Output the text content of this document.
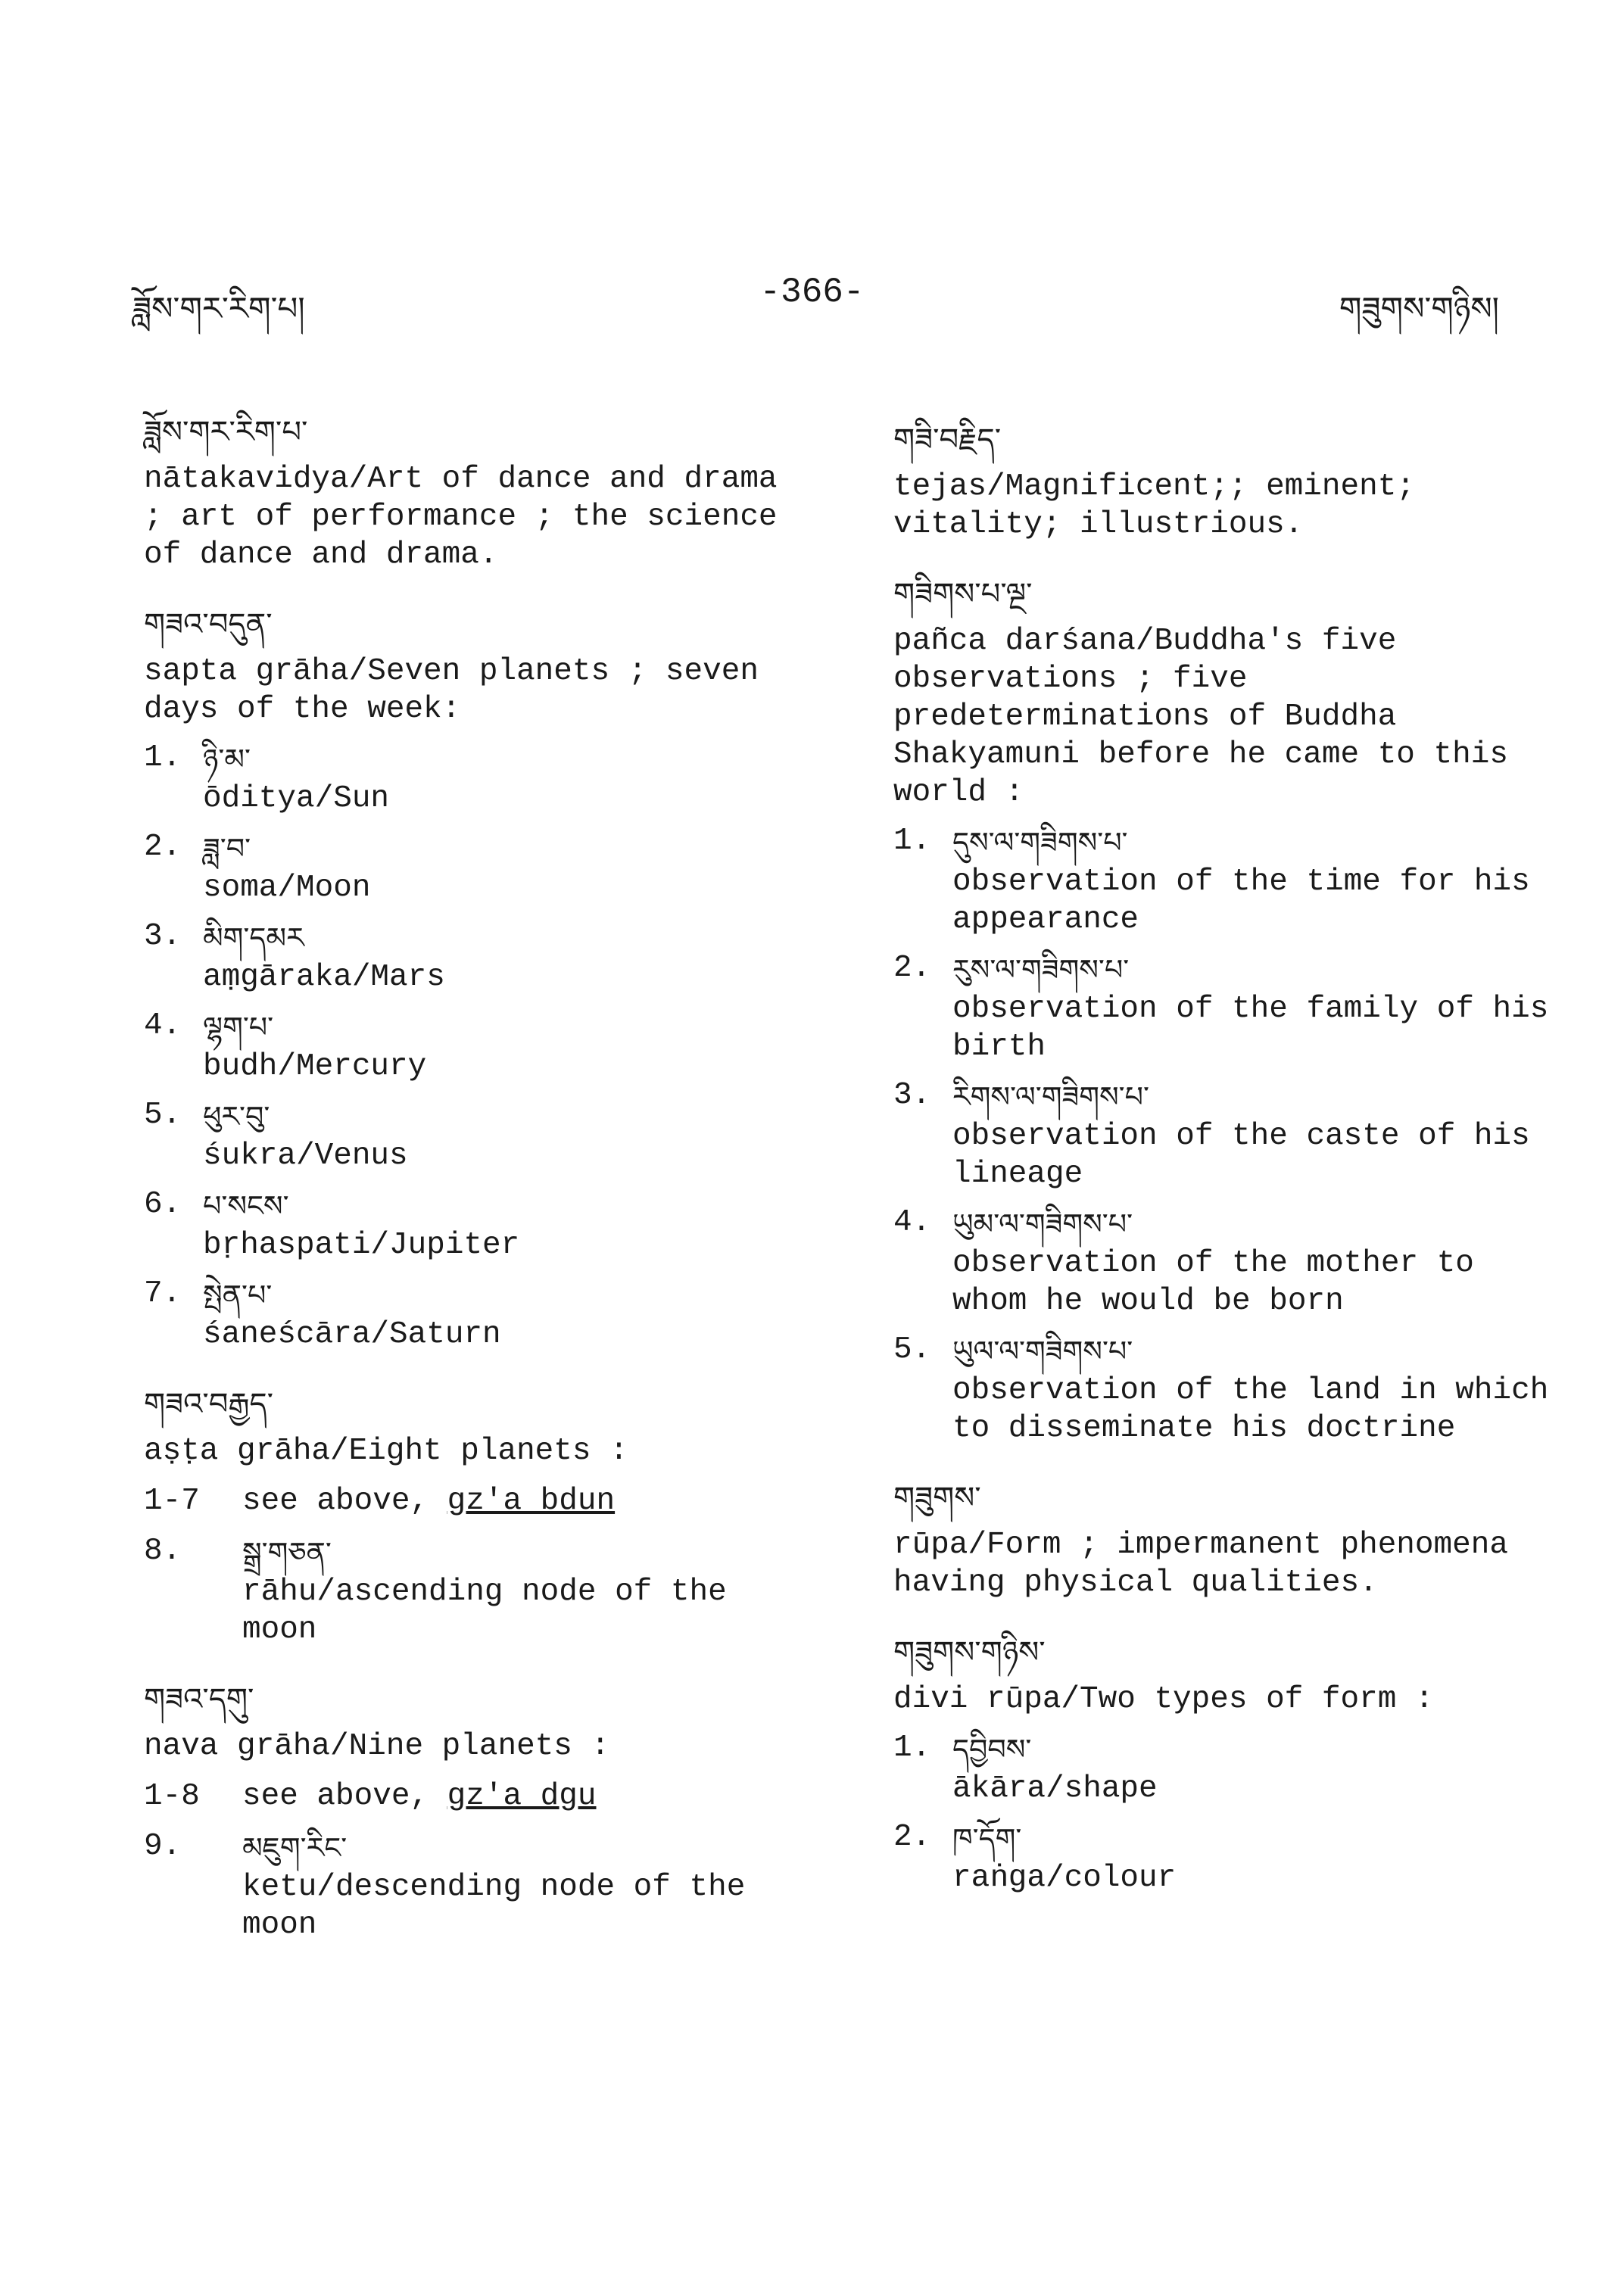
ཟློས་གར་རིག་པ།	-366-	གཟུགས་གཉིས།
ཟློས་གར་རིག་པ་
nātakavidya/Art of dance and drama ; art of performance ; the science of dance and drama.
གཟའ་བདུན་
sapta grāha/Seven planets ; seven days of the week:
1. ཉི་མ་
ōditya/Sun
2. ཟླ་བ་
soma/Moon
3. མིག་དམར
aṃgāraka/Mars
4. ལྷག་པ་
budh/Mercury
5. ཕུར་བུ་
śukra/Venus
6. པ་སངས་
bṛhaspati/Jupiter
7. སྤེན་པ་
śaneścāra/Saturn
གཟའ་བརྒྱད་
aṣṭa grāha/Eight planets :
1-7	see above, gz'a bdun
8.	སྒྲ་གཅན་
rāhu/ascending node of the moon
གཟའ་དགུ་
nava grāha/Nine planets :
1-8	see above, gz'a dgu
9.	མཇུག་རིང་
ketu/descending node of the moon
གཟི་བརྗིད་
tejas/Magnificent;; eminent; vitality; illustrious.
གཟིགས་པ་ལྔ་
pañca darśana/Buddha's five observations ; five predeterminations of Buddha Shakyamuni before he came to this world :
1. དུས་ལ་གཟིགས་པ་
observation of the time for his appearance
2. རུས་ལ་གཟིགས་པ་
observation of the family of his birth
3. རིགས་ལ་གཟིགས་པ་
observation of the caste of his lineage
4. ཡུམ་ལ་གཟིགས་པ་
observation of the mother to whom he would be born
5. ཡུལ་ལ་གཟིགས་པ་
observation of the land in which to disseminate his doctrine
གཟུགས་
rūpa/Form ; impermanent phenomena having physical qualities.
གཟུགས་གཉིས་
divi rūpa/Two types of form :
1. དབྱིབས་
ākāra/shape
2. ཁ་དོག་
raṅga/colour
